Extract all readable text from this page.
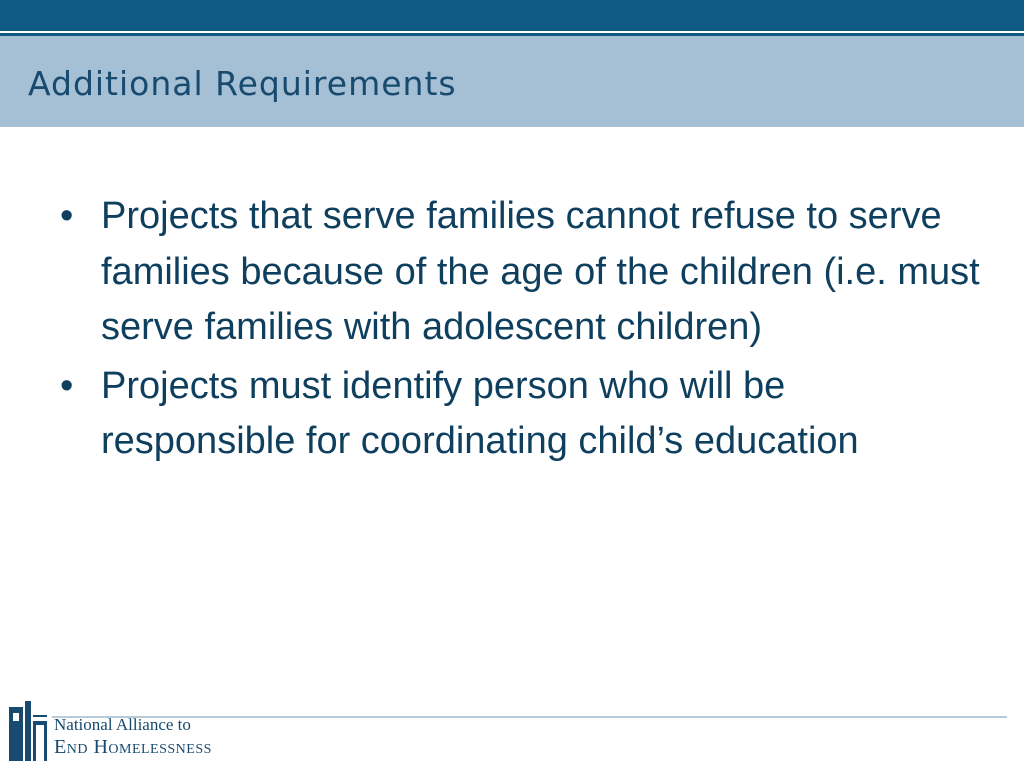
Additional Requirements
• Projects that serve families cannot refuse to serve families because of the age of the children (i.e. must serve families with adolescent children)
• Projects must identify person who will be responsible for coordinating child’s education
National Alliance to
End Homelessness
